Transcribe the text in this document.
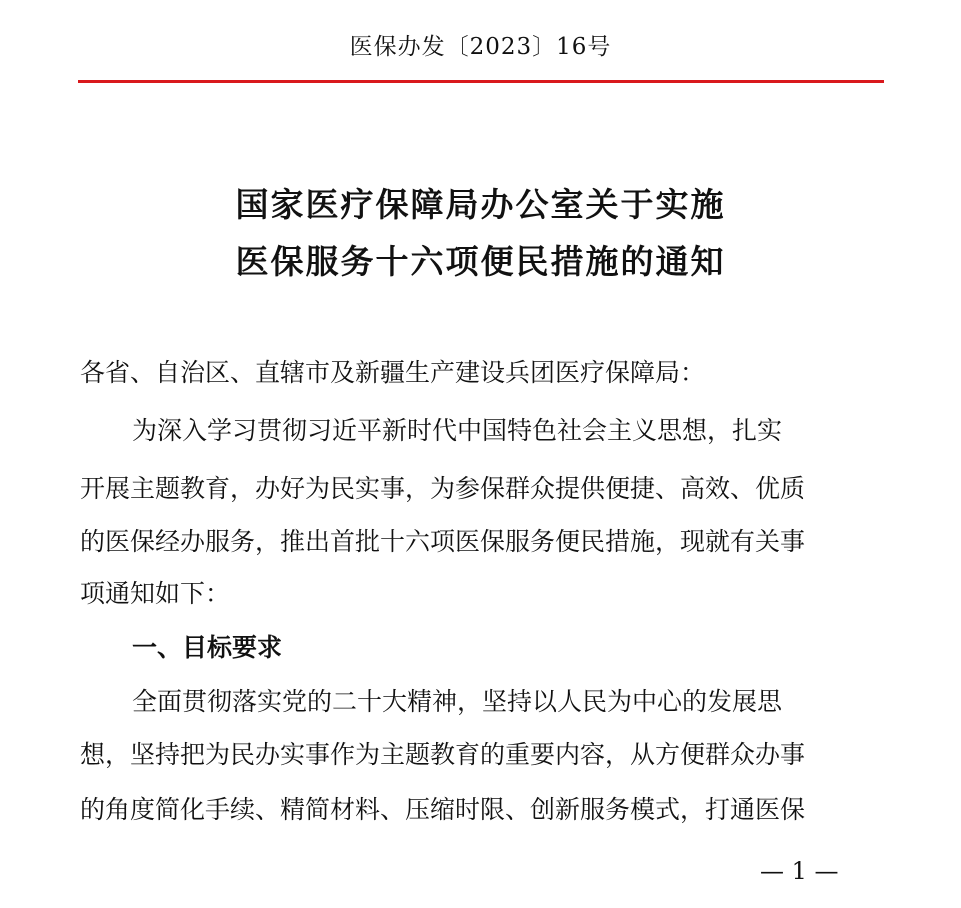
医保办发〔2023〕16号
国家医疗保障局办公室关于实施
医保服务十六项便民措施的通知
各省、自治区、直辖市及新疆生产建设兵团医疗保障局：
为深入学习贯彻习近平新时代中国特色社会主义思想，扎实
开展主题教育，办好为民实事，为参保群众提供便捷、高效、优质
的医保经办服务，推出首批十六项医保服务便民措施，现就有关事
项通知如下：
一、目标要求
全面贯彻落实党的二十大精神，坚持以人民为中心的发展思
想，坚持把为民办实事作为主题教育的重要内容，从方便群众办事
的角度简化手续、精简材料、压缩时限、创新服务模式，打通医保
— 1 —
